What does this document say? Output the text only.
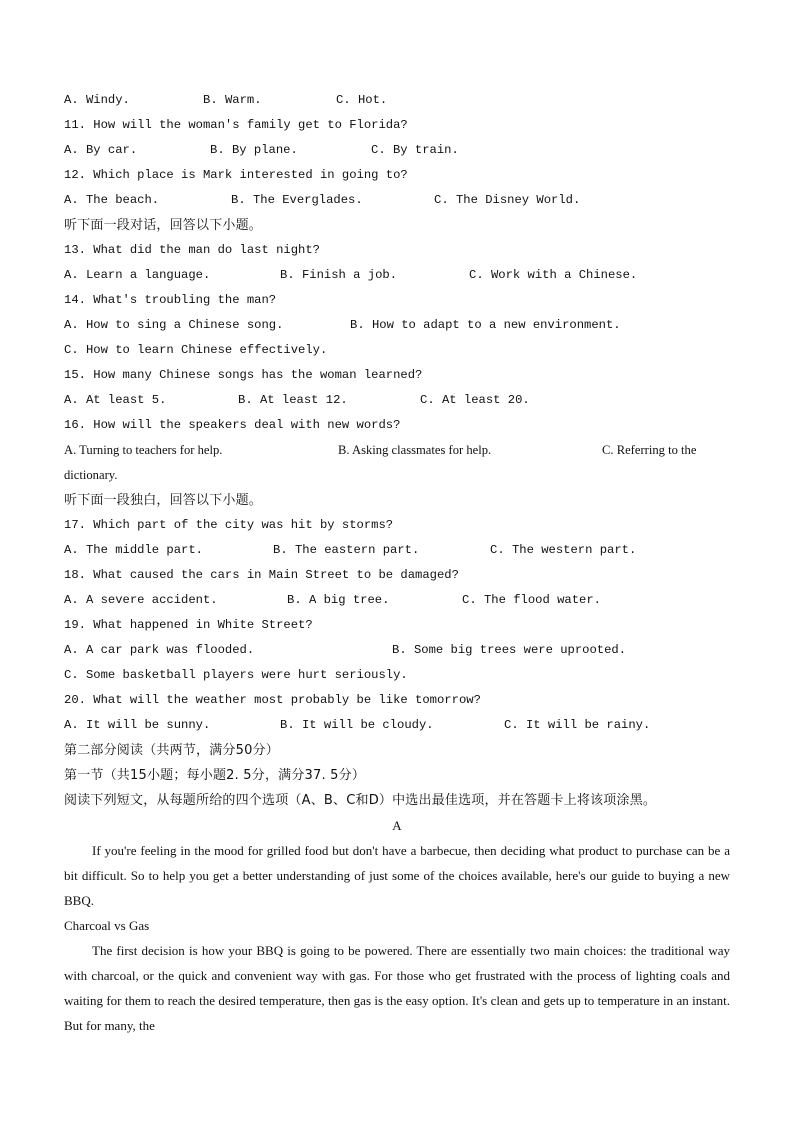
A. Windy.

	B. Warm.

	C. Hot.

11. How will the woman's family get to Florida?

A. By car.

	B. By plane.

	C. By train.

12. Which place is Mark interested in going to?

A. The beach.

	B. The Everglades.

	C. The Disney World.

听下面一段对话，回答以下小题。
13. What did the man do last night?

A. Learn a language.

	B. Finish a job.

	C. Work with a Chinese.

14. What's troubling the man?

A. How to sing a Chinese song.

	B. How to adapt to a new environment.

C. How to learn Chinese effectively.
15. How many Chinese songs has the woman learned?

A. At least 5.

	B. At least 12.

	C. At least 20.

16. How will the speakers deal with new words?

A. Turning to teachers for help.

	B. Asking classmates for help.

	C. Referring to the

dictionary.
听下面一段独白，回答以下小题。
17. Which part of the city was hit by storms?

A. The middle part.

	B. The eastern part.

	C. The western part.

18. What caused the cars in Main Street to be damaged?

A. A severe accident.

	B. A big tree.

	C. The flood water.

19. What happened in White Street?

A. A car park was flooded.

	B. Some big trees were uprooted.

C. Some basketball players were hurt seriously.
20. What will the weather most probably be like tomorrow?

A. It will be sunny.

	B. It will be cloudy.

	C. It will be rainy.

第二部分阅读（共两节，满分50分）
第一节（共15小题；每小题2. 5分，满分37. 5分）
阅读下列短文，从每题所给的四个选项（A、B、C和D）中选出最佳选项，并在答题卡上将该项涂黑。
A
If you're feeling in the mood for grilled food but don't have a barbecue, then deciding what product to purchase can be a bit difficult. So to help you get a better understanding of just some of the choices available, here's our guide to buying a new BBQ.
Charcoal vs Gas
The first decision is how your BBQ is going to be powered. There are essentially two main choices: the traditional way with charcoal, or the quick and convenient way with gas. For those who get frustrated with the process of lighting coals and waiting for them to reach the desired temperature, then gas is the easy option. It's clean and gets up to temperature in an instant. But for many, the
